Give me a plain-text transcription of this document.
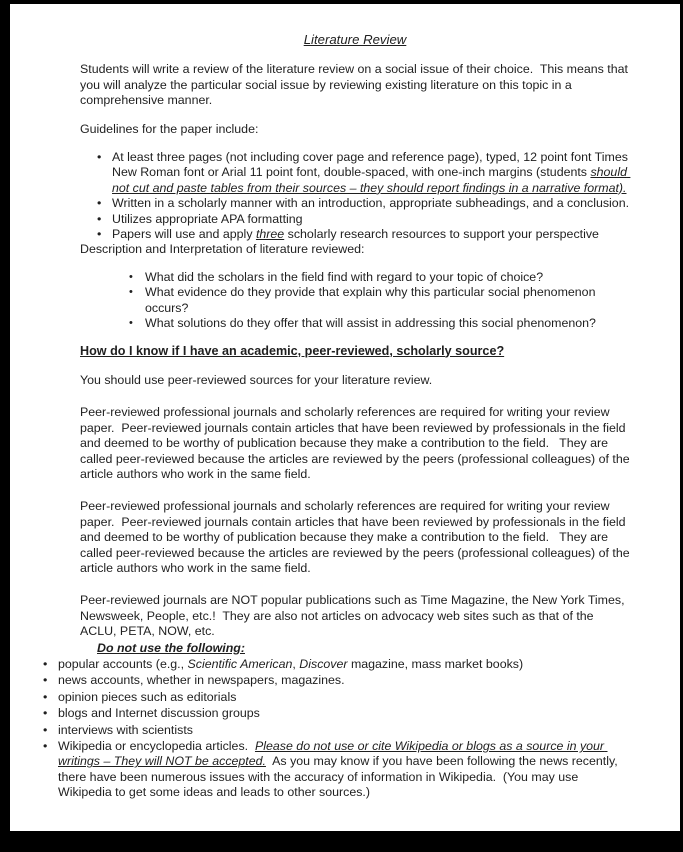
Literature Review

Students will write a review of the literature review on a social issue of their choice.  This means that you will analyze the particular social issue by reviewing existing literature on this topic in a comprehensive manner.

Guidelines for the paper include:

• At least three pages (not including cover page and reference page), typed, 12 point font Times New Roman font or Arial 11 point font, double-spaced, with one-inch margins (students should not cut and paste tables from their sources – they should report findings in a narrative format).
• Written in a scholarly manner with an introduction, appropriate subheadings, and a conclusion.
• Utilizes appropriate APA formatting
• Papers will use and apply three scholarly research resources to support your perspective

Description and Interpretation of literature reviewed:

• What did the scholars in the field find with regard to your topic of choice?
• What evidence do they provide that explain why this particular social phenomenon occurs?
• What solutions do they offer that will assist in addressing this social phenomenon?
How do I know if I have an academic, peer-reviewed, scholarly source?

You should use peer-reviewed sources for your literature review.

Peer-reviewed professional journals and scholarly references are required for writing your review paper.  Peer-reviewed journals contain articles that have been reviewed by professionals in the field and deemed to be worthy of publication because they make a contribution to the field.   They are called peer-reviewed because the articles are reviewed by the peers (professional colleagues) of the article authors who work in the same field.

Peer-reviewed professional journals and scholarly references are required for writing your review paper.  Peer-reviewed journals contain articles that have been reviewed by professionals in the field and deemed to be worthy of publication because they make a contribution to the field.   They are called peer-reviewed because the articles are reviewed by the peers (professional colleagues) of the article authors who work in the same field.

Peer-reviewed journals are NOT popular publications such as Time Magazine, the New York Times, Newsweek, People, etc.!  They are also not articles on advocacy web sites such as that of the ACLU, PETA, NOW, etc.

Do not use the following:

• popular accounts (e.g., Scientific American, Discover magazine, mass market books)
• news accounts, whether in newspapers, magazines.
• opinion pieces such as editorials
• blogs and Internet discussion groups
• interviews with scientists
• Wikipedia or encyclopedia articles.  Please do not use or cite Wikipedia or blogs as a source in your writings – They will NOT be accepted.  As you may know if you have been following the news recently, there have been numerous issues with the accuracy of information in Wikipedia.  (You may use Wikipedia to get some ideas and leads to other sources.)
